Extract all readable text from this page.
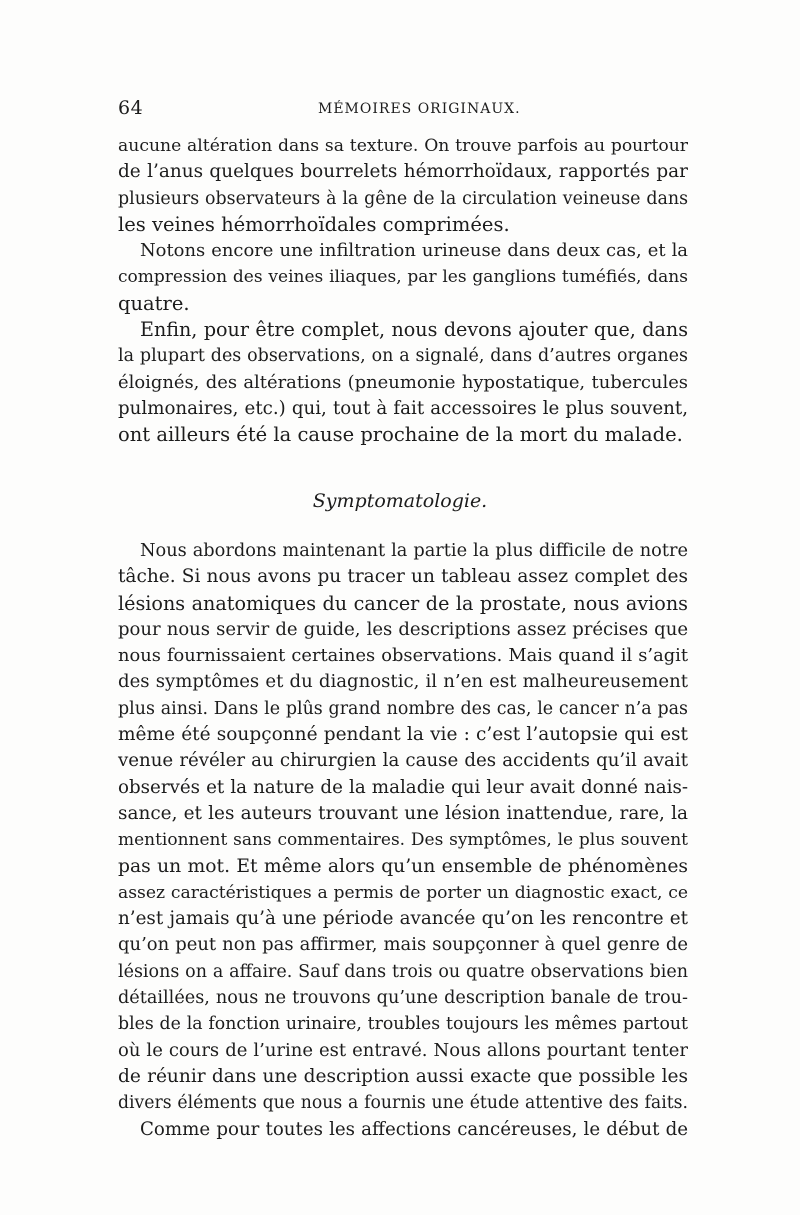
64	MÉMOIRES ORIGINAUX.
aucune altération dans sa texture. On trouve parfois au pourtour
de l’anus quelques bourrelets hémorrhoïdaux, rapportés par
plusieurs observateurs à la gêne de la circulation veineuse dans
les veines hémorrhoïdales comprimées.
Notons encore une infiltration urineuse dans deux cas, et la
compression des veines iliaques, par les ganglions tuméfiés, dans
quatre.
Enfin, pour être complet, nous devons ajouter que, dans
la plupart des observations, on a signalé, dans d’autres organes
éloignés, des altérations (pneumonie hypostatique, tubercules
pulmonaires, etc.) qui, tout à fait accessoires le plus souvent,
ont ailleurs été la cause prochaine de la mort du malade.
Symptomatologie.
Nous abordons maintenant la partie la plus difficile de notre
tâche. Si nous avons pu tracer un tableau assez complet des
lésions anatomiques du cancer de la prostate, nous avions
pour nous servir de guide, les descriptions assez précises que
nous fournissaient certaines observations. Mais quand il s’agit
des symptômes et du diagnostic, il n’en est malheureusement
plus ainsi. Dans le plûs grand nombre des cas, le cancer n’a pas
même été soupçonné pendant la vie : c’est l’autopsie qui est
venue révéler au chirurgien la cause des accidents qu’il avait
observés et la nature de la maladie qui leur avait donné nais-
sance, et les auteurs trouvant une lésion inattendue, rare, la
mentionnent sans commentaires. Des symptômes, le plus souvent
pas un mot. Et même alors qu’un ensemble de phénomènes
assez caractéristiques a permis de porter un diagnostic exact, ce
n’est jamais qu’à une période avancée qu’on les rencontre et
qu’on peut non pas affirmer, mais soupçonner à quel genre de
lésions on a affaire. Sauf dans trois ou quatre observations bien
détaillées, nous ne trouvons qu’une description banale de trou-
bles de la fonction urinaire, troubles toujours les mêmes partout
où le cours de l’urine est entravé. Nous allons pourtant tenter
de réunir dans une description aussi exacte que possible les
divers éléments que nous a fournis une étude attentive des faits.
Comme pour toutes les affections cancéreuses, le début de
